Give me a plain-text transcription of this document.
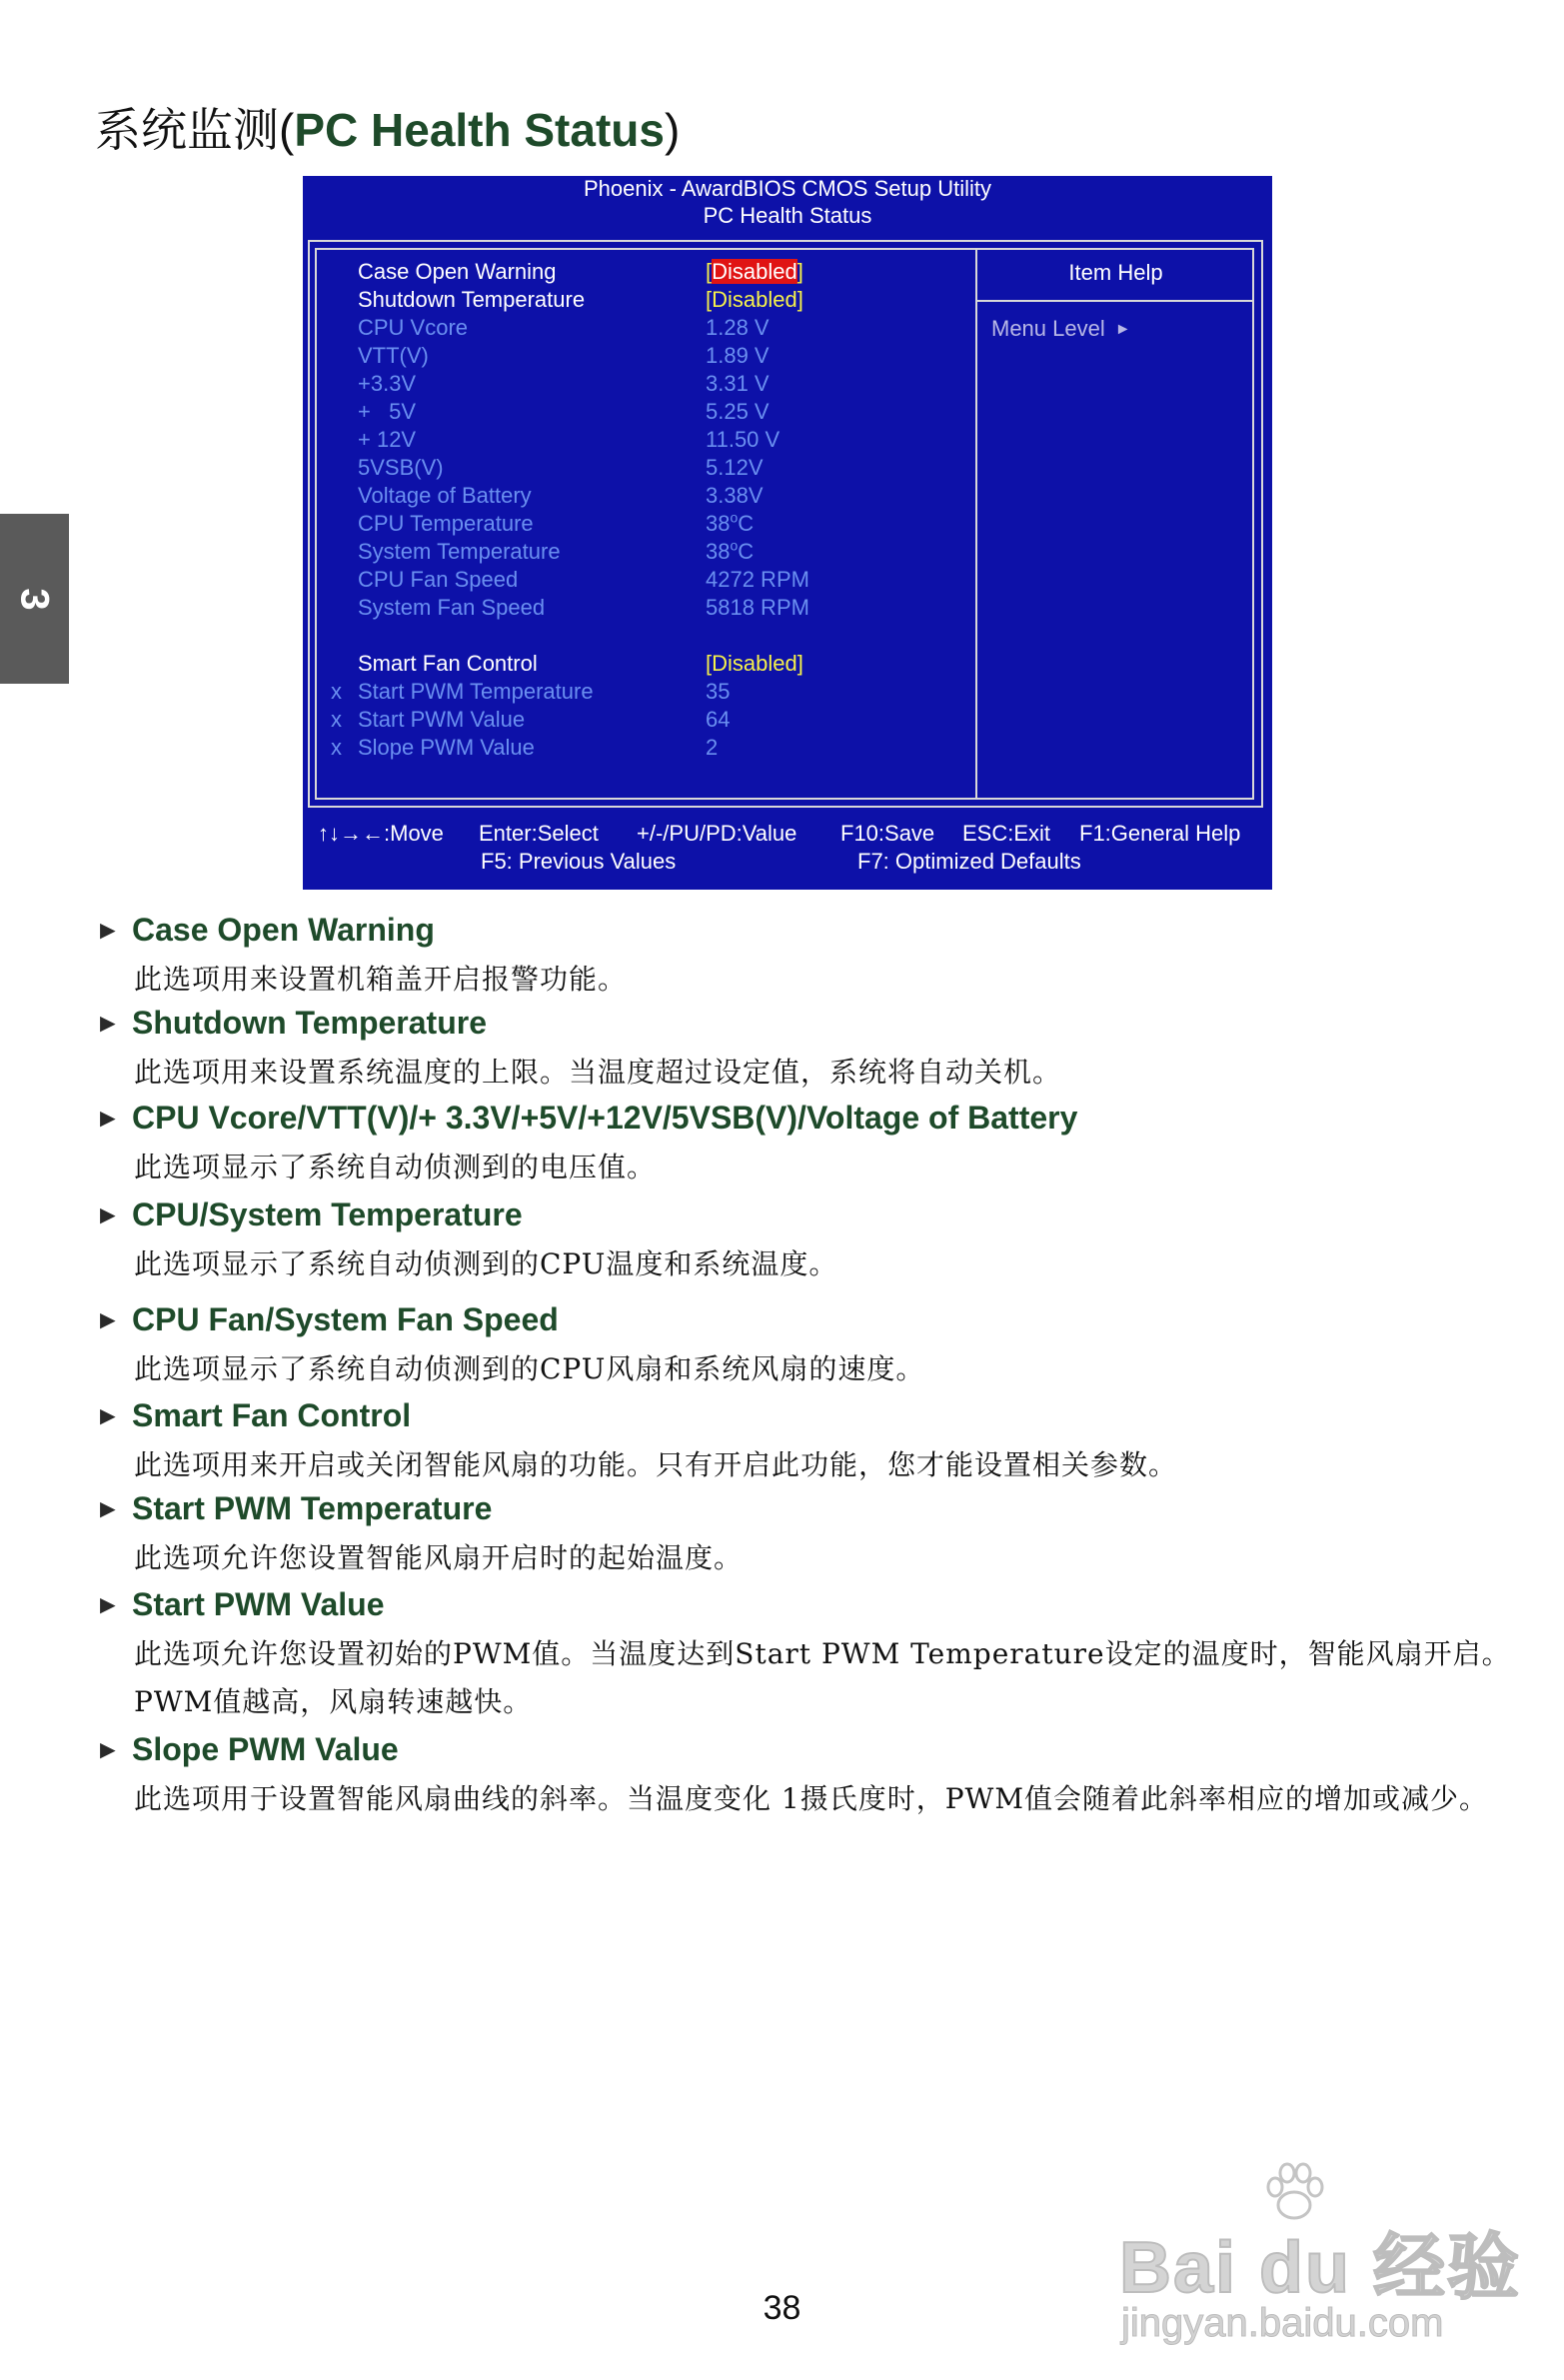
系统监测(PC Health Status)
3
Phoenix - AwardBIOS CMOS Setup Utility
PC Health Status
Item Help
Menu Level ►
Case Open Warning	[Disabled]
Shutdown Temperature	[Disabled]
CPU Vcore	1.28 V
VTT(V)	1.89 V
+3.3V	3.31 V
+   5V	5.25 V
+ 12V	11.50 V
5VSB(V)	5.12V
Voltage of Battery	3.38V
CPU Temperature	38$^o$C
System Temperature	38$^o$C
CPU Fan Speed	4272 RPM
System Fan Speed	5818 RPM
Smart Fan Control	[Disabled]
x Start PWM Temperature	35
x Start PWM Value	64
x Slope PWM Value	2
↑↓→←:Move Enter:Select +/-/PU/PD:Value F10:Save ESC:Exit F1:General Help
F5: Previous Values	F7: Optimized Defaults
► Case Open Warning
此选项用来设置机箱盖开启报警功能。
► Shutdown Temperature
此选项用来设置系统温度的上限。当温度超过设定值，系统将自动关机。
► CPU Vcore/VTT(V)/+ 3.3V/+5V/+12V/5VSB(V)/Voltage of Battery
此选项显示了系统自动侦测到的电压值。
► CPU/System Temperature
此选项显示了系统自动侦测到的CPU温度和系统温度。
► CPU Fan/System Fan Speed
此选项显示了系统自动侦测到的CPU风扇和系统风扇的速度。
► Smart Fan Control
此选项用来开启或关闭智能风扇的功能。只有开启此功能，您才能设置相关参数。
► Start PWM Temperature
此选项允许您设置智能风扇开启时的起始温度。
► Start PWM Value
此选项允许您设置初始的PWM值。当温度达到Start PWM Temperature设定的温度时，智能风扇开启。PWM值越高，风扇转速越快。
► Slope PWM Value
此选项用于设置智能风扇曲线的斜率。当温度变化 1摄氏度时，PWM值会随着此斜率相应的增加或减少。
Bai du 经验
jingyan.baidu.com
38
